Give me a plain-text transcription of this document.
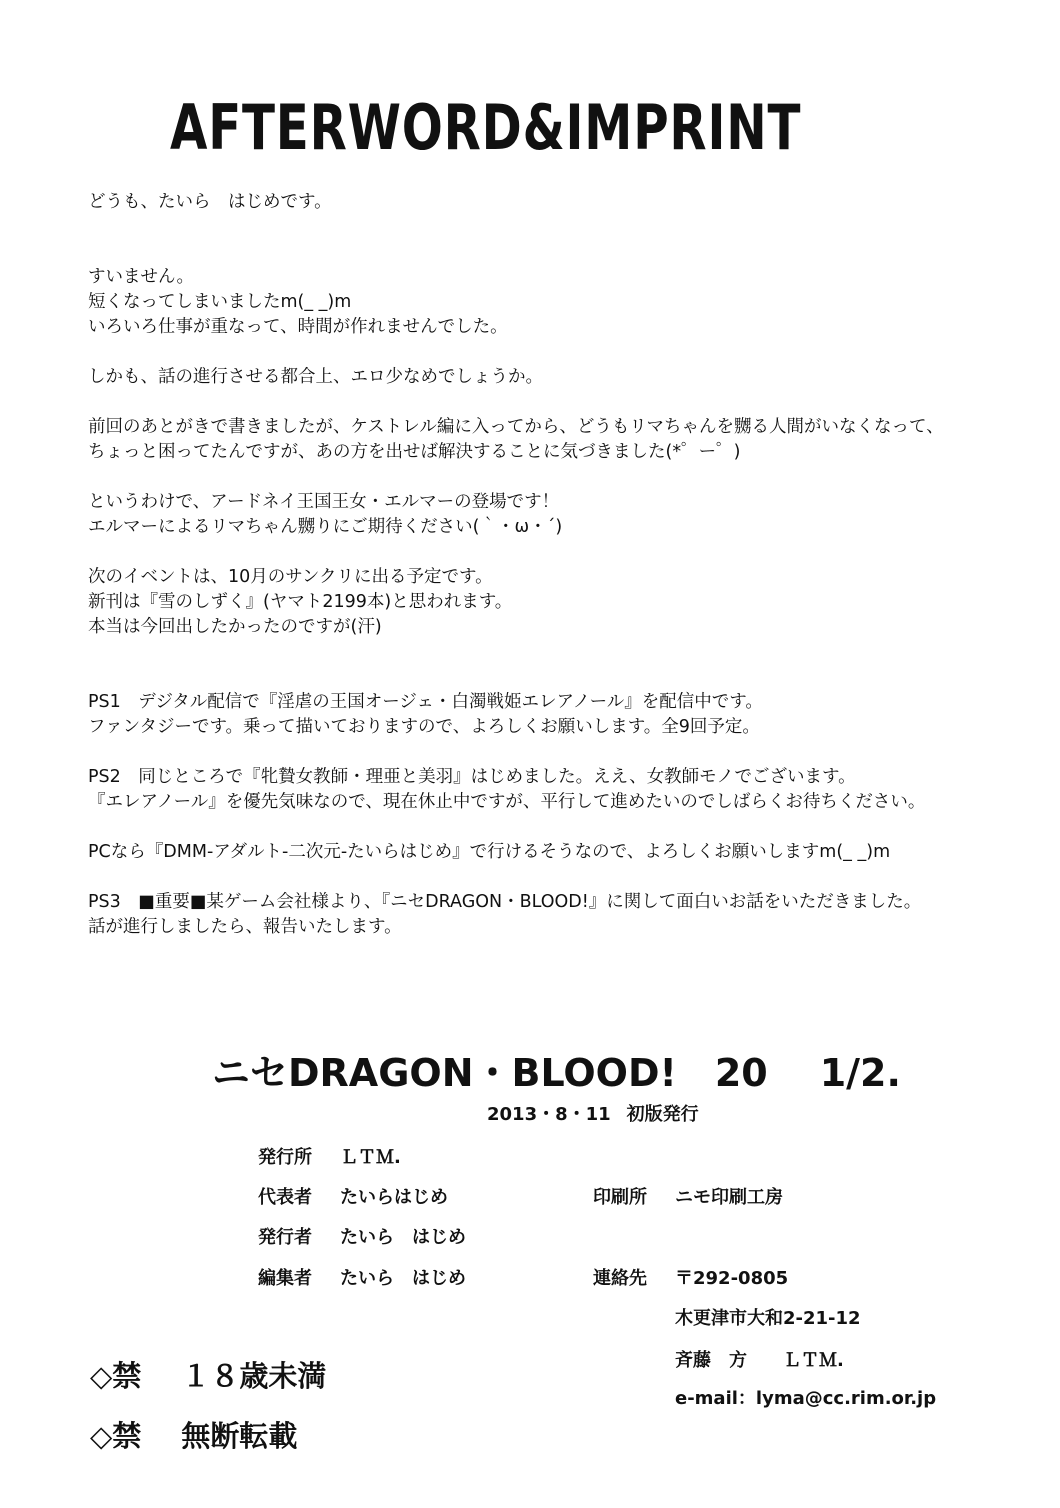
AFTERWORD&IMPRINT

どうも、たいら　はじめです。

すいません。

短くなってしまいましたm(_ _)m

いろいろ仕事が重なって、時間が作れませんでした。

しかも、話の進行させる都合上、エロ少なめでしょうか。

前回のあとがきで書きましたが、ケストレル編に入ってから、どうもリマちゃんを嬲る人間がいなくなって、

ちょっと困ってたんですが、あの方を出せば解決することに気づきました(*゜ー゜)

というわけで、アードネイ王国王女・エルマーの登場です！

エルマーによるリマちゃん嬲りにご期待ください(｀・ω・´)

次のイベントは、10月のサンクリに出る予定です。

新刊は『雪のしずく』(ヤマト2199本)と思われます。

本当は今回出したかったのですが(汗)

PS1　デジタル配信で『淫虐の王国オージェ・白濁戦姫エレアノール』を配信中です。

ファンタジーです。乗って描いておりますので、よろしくお願いします。全9回予定。

PS2　同じところで『牝贄女教師・理亜と美羽』はじめました。ええ、女教師モノでございます。

『エレアノール』を優先気味なので、現在休止中ですが、平行して進めたいのでしばらくお待ちください。

PCなら『DMM-アダルト-二次元-たいらはじめ』で行けるそうなので、よろしくお願いしますm(_ _)m

PS3　■重要■某ゲーム会社様より、『ニセDRAGON・BLOOD!』に関して面白いお話をいただきました。

話が進行しましたら、報告いたします。

ニセDRAGON・BLOOD! 20 1/2.
2013・8・11 初版発行
発行所 ＬＴＭ.
代表者 たいらはじめ
発行者 たいら　はじめ
編集者 たいら　はじめ
印刷所 ニモ印刷工房
連絡先 〒292-0805
木更津市大和2-21-12
斉藤　方　　ＬＴＭ.
e-mail：lyma@cc.rim.or.jp
◇禁 １８歳未満
◇禁 無断転載
